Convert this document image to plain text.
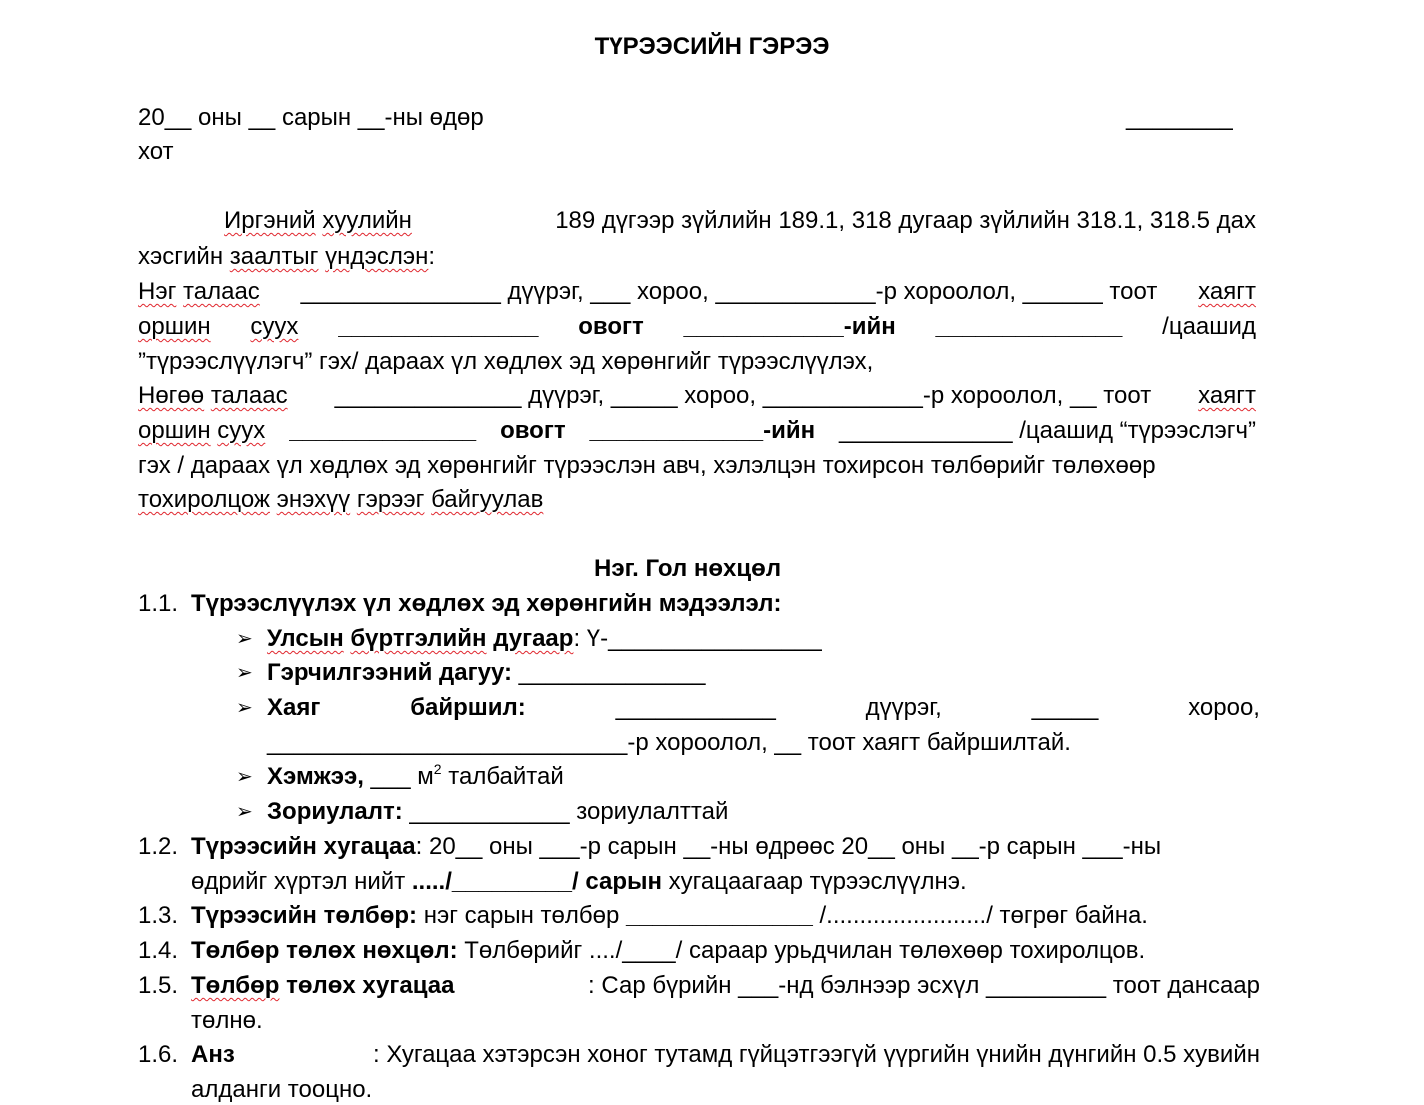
ТҮРЭЭСИЙН ГЭРЭЭ
20__ оны __ сарын __-ны өдөр	________
хот
Иргэний хуулийн	189 дүгээр зүйлийн 189.1, 318 дугаар зүйлийн 318.1, 318.5 дах
хэсгийн заалтыг үндэслэн:
Нэг талаас _______________ дүүрэг, ___ хороо, ____________-р хороолол, ______ тоот хаягт
оршин суух _______________ овогт ____________-ийн ______________ /цаашид
”түрээслүүлэгч” гэх/ дараах үл хөдлөх эд хөрөнгийг түрээслүүлэх,
Нөгөө талаас ______________ дүүрэг, _____ хороо, ____________-р хороолол, __ тоот хаягт
оршин суух ______________ овогт _____________-ийн _____________ /цаашид “түрээслэгч”
гэх / дараах үл хөдлөх эд хөрөнгийг түрээслэн авч, хэлэлцэн тохирсон төлбөрийг төлөхөөр
тохиролцож энэхүү гэрээг байгуулав
Нэг. Гол нөхцөл
1.1. Түрээслүүлэх үл хөдлөх эд хөрөнгийн мэдээлэл:
➢ Улсын бүртгэлийн дугаар: Ү-________________
➢ Гэрчилгээний дагуу: ______________
➢ Хаяг	байршил:	____________	дүүрэг,	_____	хороо,
___________________________-р хороолол, __ тоот хаягт байршилтай.
➢ Хэмжээ, ___ $м^2$ талбайтай
➢ Зориулалт: ____________ зориулалттай
1.2. Түрээсийн хугацаа: 20__ оны ___-р сарын __-ны өдрөөс 20__ оны __-р сарын ___-ны
өдрийг хүртэл нийт ...../_________/ сарын хугацаагаар түрээслүүлнэ.
1.3. Түрээсийн төлбөр: нэг сарын төлбөр ______________ /......................../ төгрөг байна.
1.4. Төлбөр төлөх нөхцөл: Төлбөрийг ..../____/ сараар урьдчилан төлөхөөр тохиролцов.
1.5. Төлбөр төлөх хугацаа	: Сар бүрийн ___-нд бэлнээр эсхүл _________ тоот дансаар
төлнө.
1.6. Анз	: Хугацаа хэтэрсэн хоног тутамд гүйцэтгээгүй үүргийн үнийн дүнгийн 0.5 хувийн
алданги тооцно.
